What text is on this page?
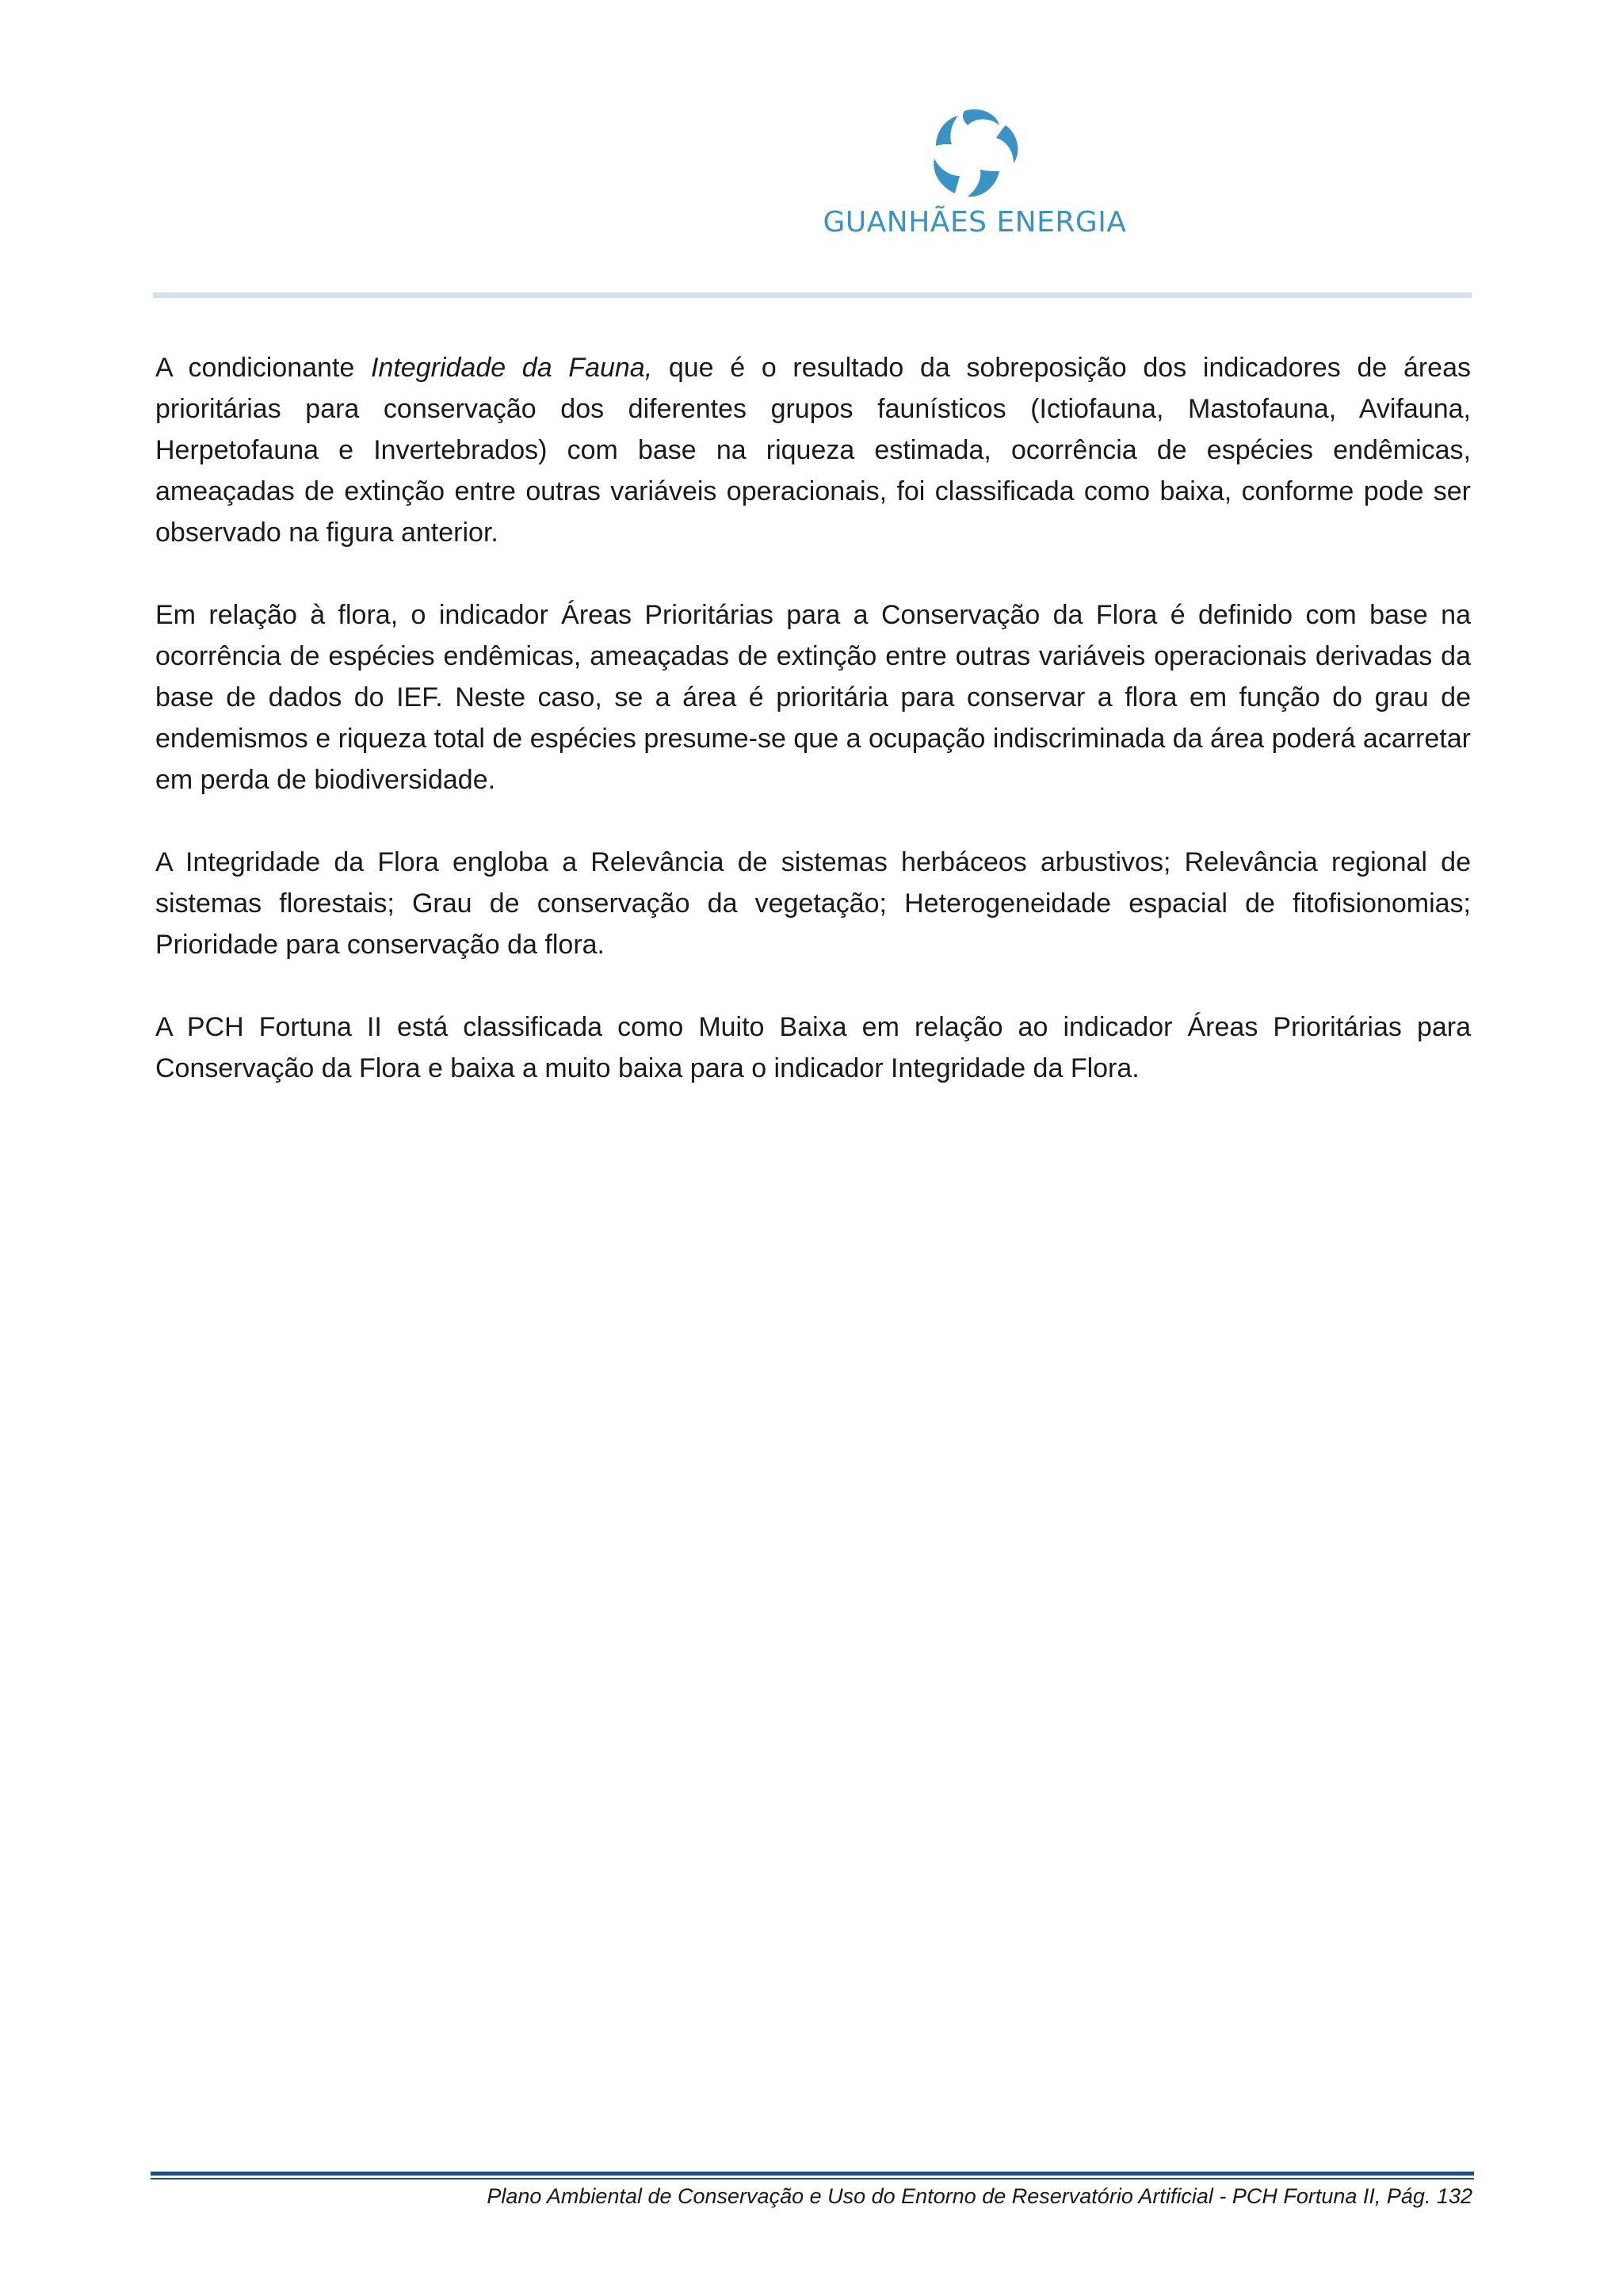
GUANHÃES ENERGIA

A condicionante Integridade da Fauna, que é o resultado da sobreposição dos indicadores de áreas prioritárias para conservação dos diferentes grupos faunísticos (Ictiofauna, Mastofauna, Avifauna, Herpetofauna e Invertebrados) com base na riqueza estimada, ocorrência de espécies endêmicas, ameaçadas de extinção entre outras variáveis operacionais, foi classificada como baixa, conforme pode ser observado na figura anterior.

Em relação à flora, o indicador Áreas Prioritárias para a Conservação da Flora é definido com base na ocorrência de espécies endêmicas, ameaçadas de extinção entre outras variáveis operacionais derivadas da base de dados do IEF. Neste caso, se a área é prioritária para conservar a flora em função do grau de endemismos e riqueza total de espécies presume-se que a ocupação indiscriminada da área poderá acarretar em perda de biodiversidade.

A Integridade da Flora engloba a Relevância de sistemas herbáceos arbustivos; Relevância regional de sistemas florestais; Grau de conservação da vegetação; Heterogeneidade espacial de fitofisionomias; Prioridade para conservação da flora.

A PCH Fortuna II está classificada como Muito Baixa em relação ao indicador Áreas Prioritárias para Conservação da Flora e baixa a muito baixa para o indicador Integridade da Flora.

Plano Ambiental de Conservação e Uso do Entorno de Reservatório Artificial - PCH Fortuna II, Pág. 132
